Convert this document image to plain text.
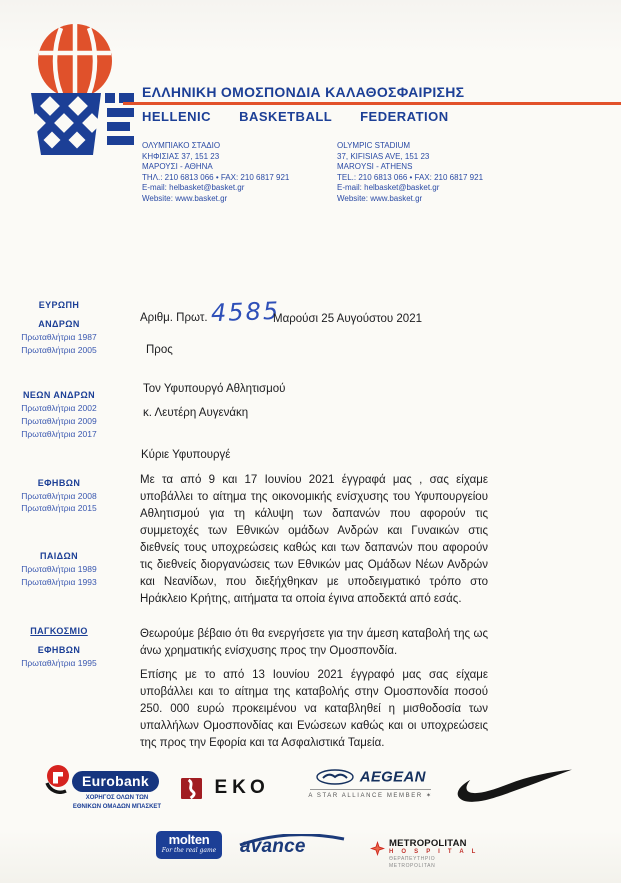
ΕΛΛΗΝΙΚΗ ΟΜΟΣΠΟΝΔΙΑ ΚΑΛΑΘΟΣΦΑΙΡΙΣΗΣ
HELLENIC BASKETBALL FEDERATION
ΟΛΥΜΠΙΑΚΟ ΣΤΑΔΙΟ
ΚΗΦΙΣΙΑΣ 37, 151 23
ΜΑΡΟΥΣΙ - ΑΘΗΝΑ
ΤΗΛ.: 210 6813 066 • FAX: 210 6817 921
E-mail: helbasket@basket.gr
Website: www.basket.gr
OLYMPIC STADIUM
37, KIFISIAS AVE, 151 23
MAROYSI - ATHENS
TEL.: 210 6813 066 • FAX: 210 6817 921
E-mail: helbasket@basket.gr
Website: www.basket.gr
ΕΥΡΩΠΗ
ΑΝΔΡΩΝ
Πρωταθλήτρια 1987
Πρωταθλήτρια 2005
ΝΕΩΝ ΑΝΔΡΩΝ
Πρωταθλήτρια 2002
Πρωταθλήτρια 2009
Πρωταθλήτρια 2017
ΕΦΗΒΩΝ
Πρωταθλήτρια 2008
Πρωταθλήτρια 2015
ΠΑΙΔΩΝ
Πρωταθλήτρια 1989
Πρωταθλήτρια 1993
ΠΑΓΚΟΣΜΙΟ
ΕΦΗΒΩΝ
Πρωταθλήτρια 1995
Αριθμ. Πρωτ. 4585
Μαρούσι 25 Αυγούστου 2021
Προς
Τον Υφυπουργό Αθλητισμού
κ. Λευτέρη Αυγενάκη
Κύριε Υφυπουργέ
Με τα από 9 και 17 Ιουνίου 2021 έγγραφά μας , σας είχαμε υποβάλλει το αίτημα της οικονομικής ενίσχυσης του Υφυπουργείου Αθλητισμού για τη κάλυψη των δαπανών που αφορούν τις συμμετοχές των Εθνικών ομάδων Ανδρών και Γυναικών στις διεθνείς τους υποχρεώσεις καθώς και των δαπανών που αφορούν τις διεθνείς διοργανώσεις των Εθνικών μας Ομάδων Νέων Ανδρών και Νεανίδων, που διεξήχθηκαν με υποδειγματικό τρόπο στο Ηράκλειο Κρήτης, αιτήματα τα οποία έγινα αποδεκτά από εσάς.
Θεωρούμε βέβαιο ότι θα ενεργήσετε για την άμεση καταβολή της ως άνω χρηματικής ενίσχυσης προς την Ομοσπονδία.
Επίσης με το από 13 Ιουνίου 2021 έγγραφό μας σας είχαμε υποβάλλει και το αίτημα της καταβολής στην Ομοσπονδία ποσού 250. 000 ευρώ προκειμένου να καταβληθεί η μισθοδοσία των υπαλλήλων Ομοσπονδίας και Ενώσεων καθώς και οι υποχρεώσεις της προς την Εφορία και τα Ασφαλιστικά Ταμεία.
Eurobank
ΧΟΡΗΓΟΣ ΟΛΩΝ ΤΩΝ
ΕΘΝΙΚΩΝ ΟΜΑΔΩΝ ΜΠΑΣΚΕΤ
ΕΚΟ
AEGEAN
A STAR ALLIANCE MEMBER ✶
molten
For the real game	avance	METROPOLITAN
H O S P I T A L
ΘΕΡΑΠΕΥΤΗΡΙΟ METROPOLITAN
